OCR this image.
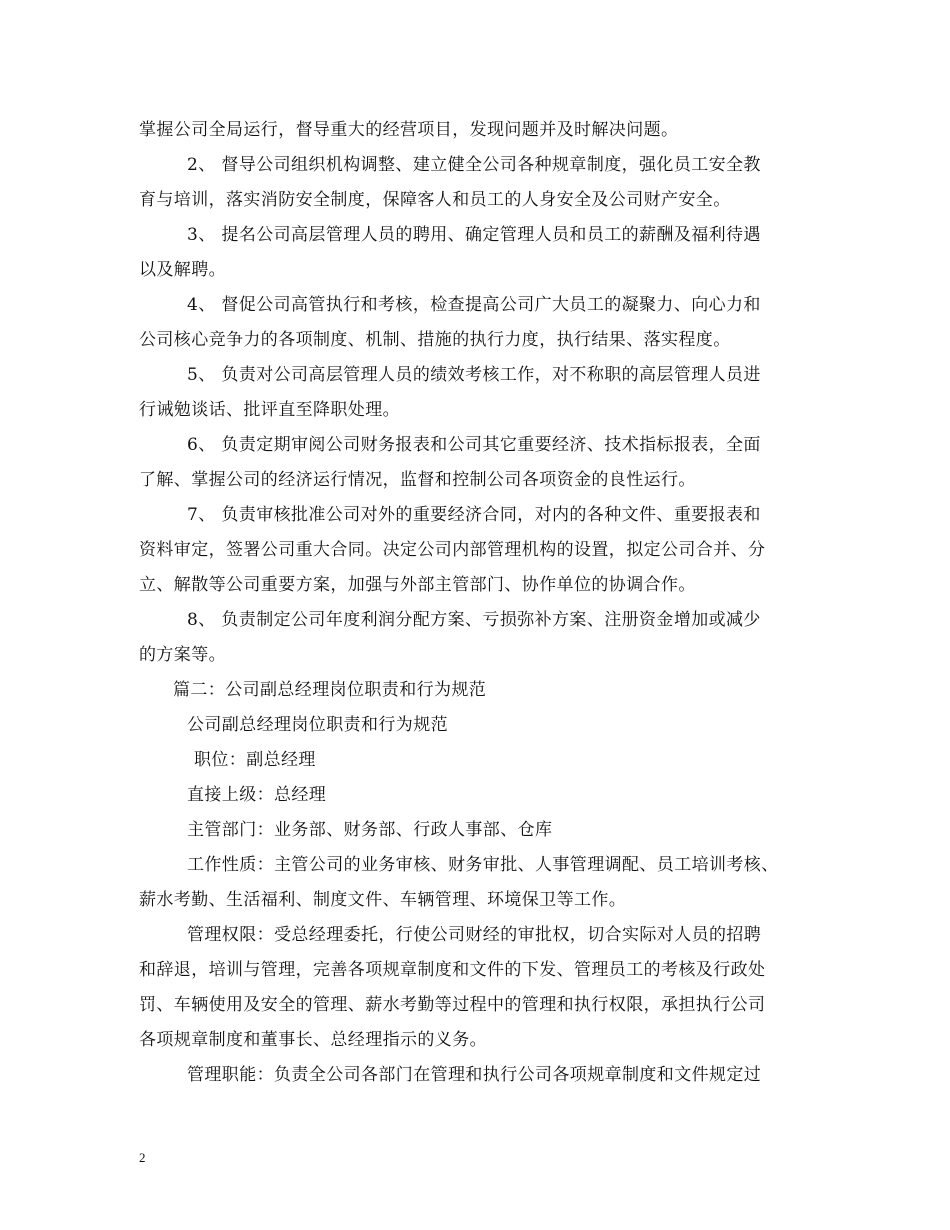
掌握公司全局运行，督导重大的经营项目，发现问题并及时解决问题。
2、 督导公司组织机构调整、建立健全公司各种规章制度，强化员工安全教
育与培训，落实消防安全制度，保障客人和员工的人身安全及公司财产安全。
3、 提名公司高层管理人员的聘用、确定管理人员和员工的薪酬及福利待遇
以及解聘。
4、 督促公司高管执行和考核，检查提高公司广大员工的凝聚力、向心力和
公司核心竞争力的各项制度、机制、措施的执行力度，执行结果、落实程度。
5、 负责对公司高层管理人员的绩效考核工作，对不称职的高层管理人员进
行诫勉谈话、批评直至降职处理。
6、 负责定期审阅公司财务报表和公司其它重要经济、技术指标报表，全面
了解、掌握公司的经济运行情况，监督和控制公司各项资金的良性运行。
7、 负责审核批准公司对外的重要经济合同，对内的各种文件、重要报表和
资料审定，签署公司重大合同。决定公司内部管理机构的设置，拟定公司合并、分
立、解散等公司重要方案，加强与外部主管部门、协作单位的协调合作。
8、 负责制定公司年度利润分配方案、亏损弥补方案、注册资金增加或减少
的方案等。
篇二：公司副总经理岗位职责和行为规范
公司副总经理岗位职责和行为规范
职位：副总经理
直接上级：总经理
主管部门：业务部、财务部、行政人事部、仓库
工作性质：主管公司的业务审核、财务审批、人事管理调配、员工培训考核、
薪水考勤、生活福利、制度文件、车辆管理、环境保卫等工作。
管理权限：受总经理委托，行使公司财经的审批权，切合实际对人员的招聘
和辞退，培训与管理，完善各项规章制度和文件的下发、管理员工的考核及行政处
罚、车辆使用及安全的管理、薪水考勤等过程中的管理和执行权限，承担执行公司
各项规章制度和董事长、总经理指示的义务。
管理职能：负责全公司各部门在管理和执行公司各项规章制度和文件规定过
2
